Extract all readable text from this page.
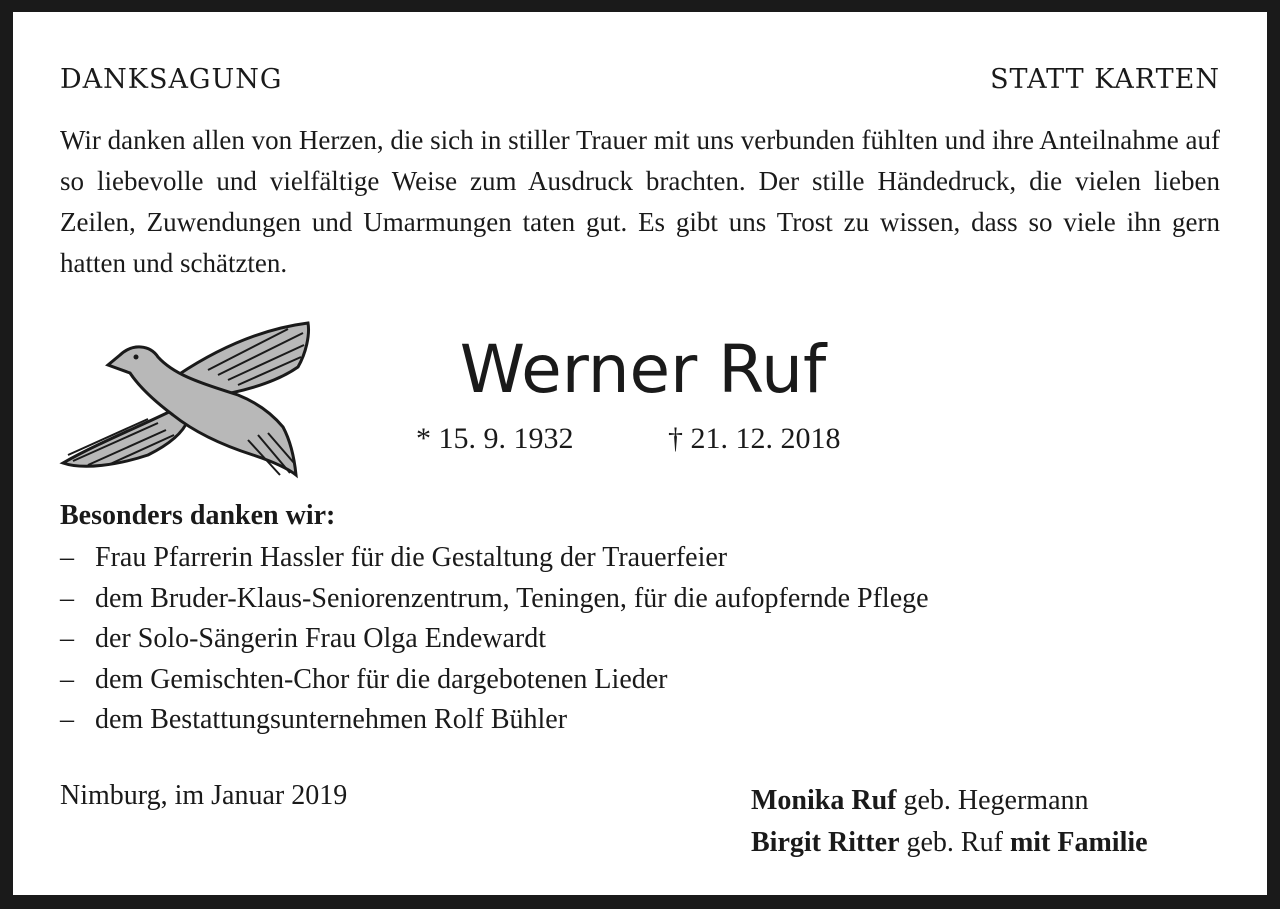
DANKSAGUNG	STATT KARTEN
Wir danken allen von Herzen, die sich in stiller Trauer mit uns verbunden fühlten und ihre Anteilnahme auf so liebevolle und vielfältige Weise zum Ausdruck brachten. Der stille Händedruck, die vielen lieben Zeilen, Zuwendungen und Umarmungen taten gut. Es gibt uns Trost zu wissen, dass so viele ihn gern hatten und schätzten.
Werner Ruf
* 15. 9. 1932	† 21. 12. 2018
Besonders danken wir:
– Frau Pfarrerin Hassler für die Gestaltung der Trauerfeier
– dem Bruder-Klaus-Seniorenzentrum, Teningen, für die aufopfernde Pflege
– der Solo-Sängerin Frau Olga Endewardt
– dem Gemischten-Chor für die dargebotenen Lieder
– dem Bestattungsunternehmen Rolf Bühler
Nimburg, im Januar 2019	Monika Ruf geb. Hegermann
Birgit Ritter geb. Ruf mit Familie
